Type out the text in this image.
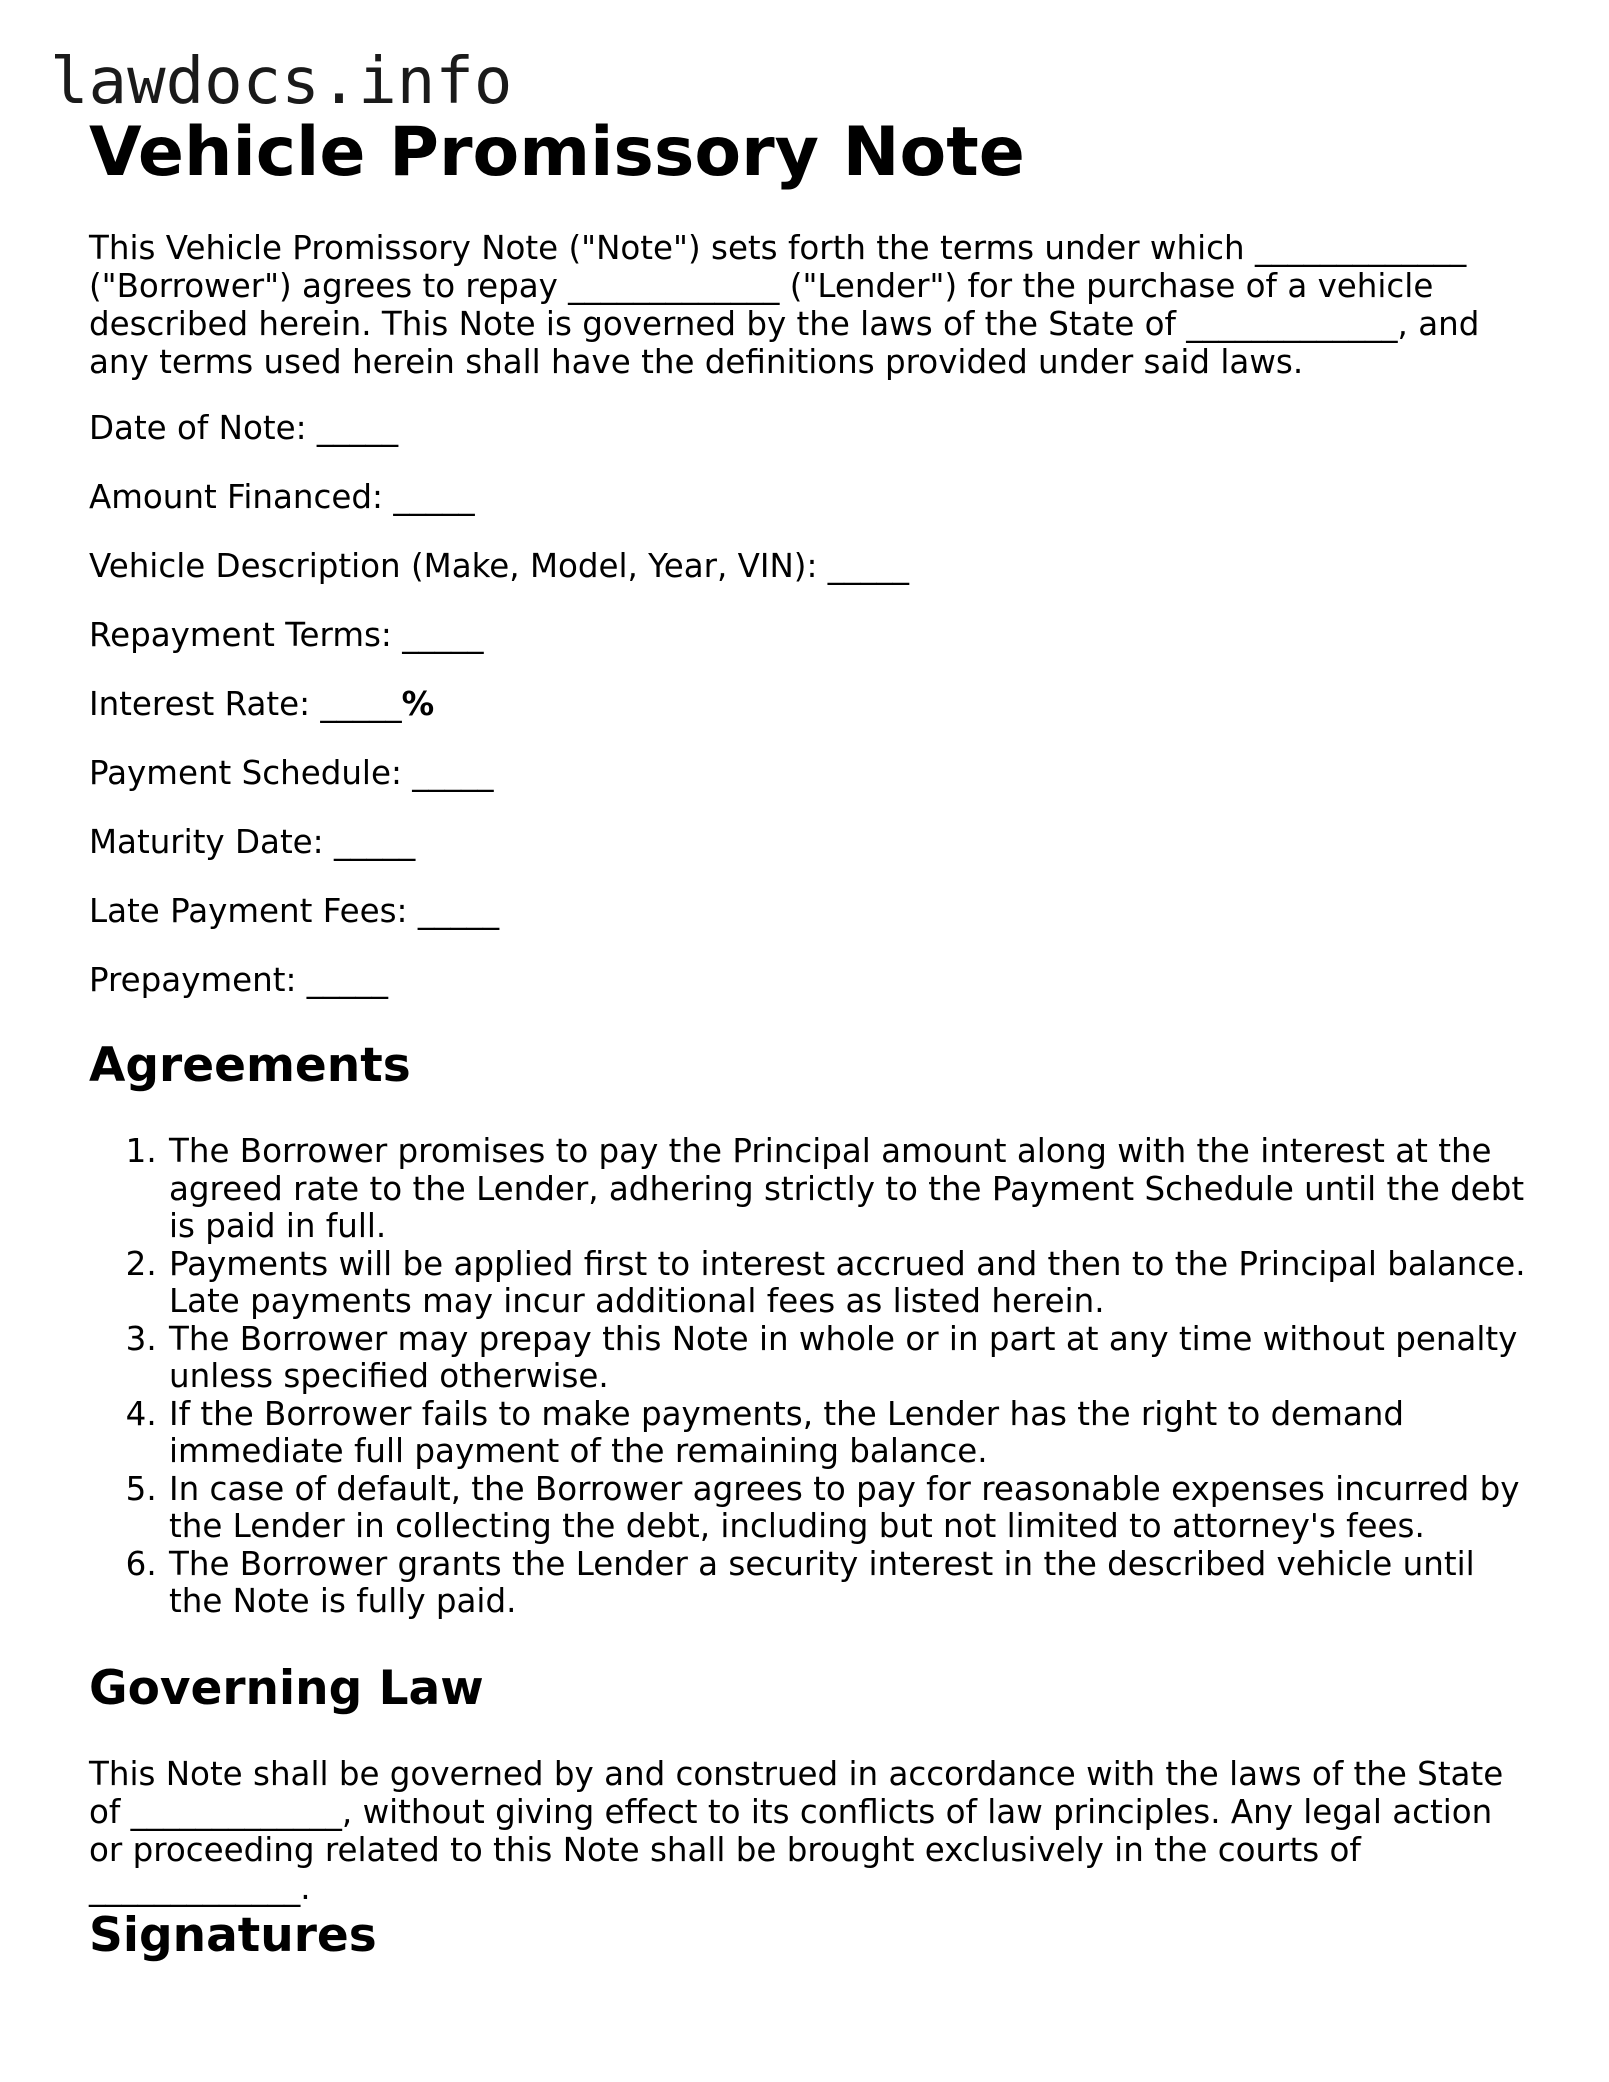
lawdocs.info
Vehicle Promissory Note

This Vehicle Promissory Note ("Note") sets forth the terms under which _____________ ("Borrower") agrees to repay _____________ ("Lender") for the purchase of a vehicle described herein. This Note is governed by the laws of the State of _____________, and any terms used herein shall have the definitions provided under said laws.

Date of Note: _____
Amount Financed: _____
Vehicle Description (Make, Model, Year, VIN): _____
Repayment Terms: _____
Interest Rate: _____%
Payment Schedule: _____
Maturity Date: _____
Late Payment Fees: _____
Prepayment: _____
Agreements
1. The Borrower promises to pay the Principal amount along with the interest at the agreed rate to the Lender, adhering strictly to the Payment Schedule until the debt is paid in full.
2. Payments will be applied first to interest accrued and then to the Principal balance. Late payments may incur additional fees as listed herein.
3. The Borrower may prepay this Note in whole or in part at any time without penalty unless specified otherwise.
4. If the Borrower fails to make payments, the Lender has the right to demand immediate full payment of the remaining balance.
5. In case of default, the Borrower agrees to pay for reasonable expenses incurred by the Lender in collecting the debt, including but not limited to attorney's fees.
6. The Borrower grants the Lender a security interest in the described vehicle until the Note is fully paid.
Governing Law

This Note shall be governed by and construed in accordance with the laws of the State of _____________, without giving effect to its conflicts of law principles. Any legal action or proceeding related to this Note shall be brought exclusively in the courts of _____________.

Signatures
